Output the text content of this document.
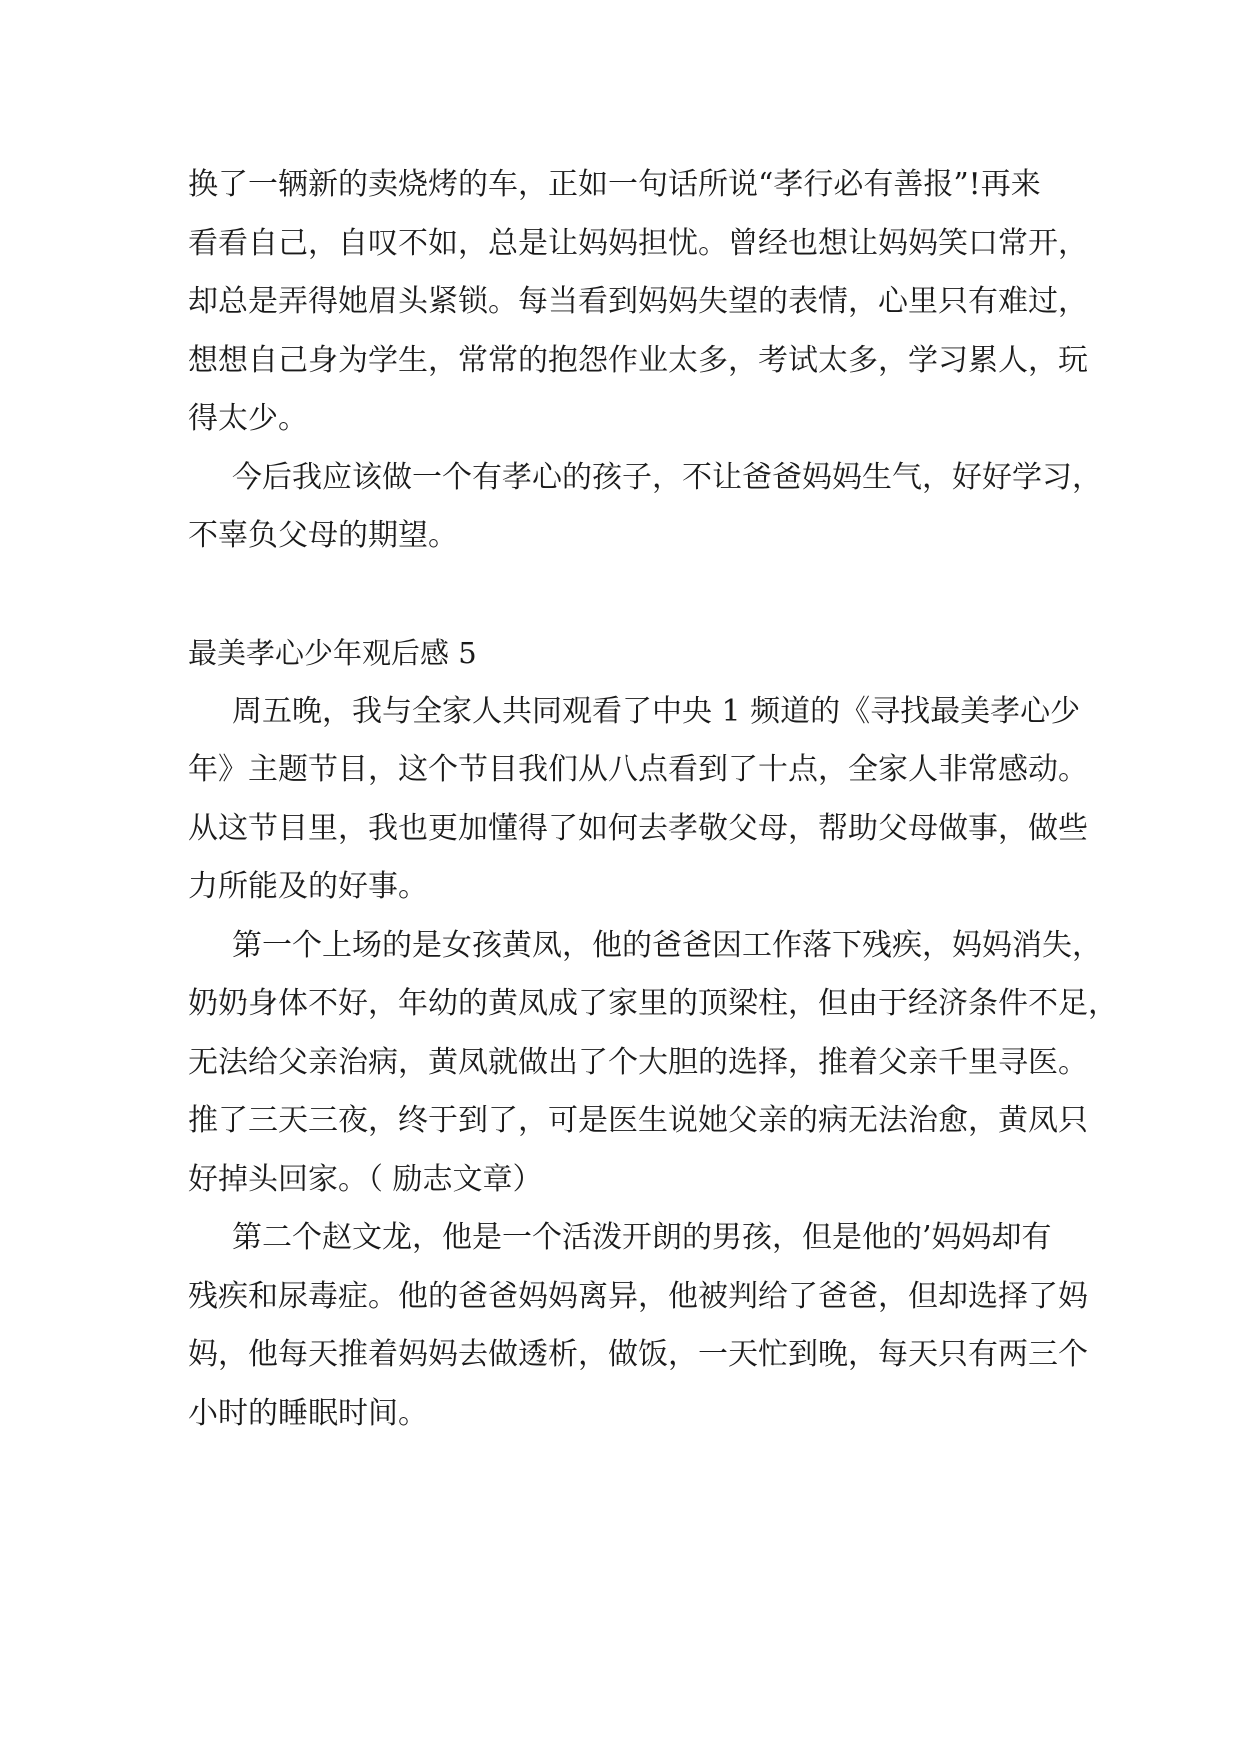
换了一辆新的卖烧烤的车，正如一句话所说“孝行必有善报”!再来
看看自己，自叹不如，总是让妈妈担忧。曾经也想让妈妈笑口常开，
却总是弄得她眉头紧锁。每当看到妈妈失望的表情，心里只有难过，
想想自己身为学生，常常的抱怨作业太多，考试太多，学习累人，玩
得太少。
今后我应该做一个有孝心的孩子，不让爸爸妈妈生气，好好学习，
不辜负父母的期望。
最美孝心少年观后感 5
周五晚，我与全家人共同观看了中央 1 频道的《寻找最美孝心少
年》主题节目，这个节目我们从八点看到了十点，全家人非常感动。
从这节目里，我也更加懂得了如何去孝敬父母，帮助父母做事，做些
力所能及的好事。
第一个上场的是女孩黄凤，他的爸爸因工作落下残疾，妈妈消失，
奶奶身体不好，年幼的黄凤成了家里的顶梁柱，但由于经济条件不足，
无法给父亲治病，黄凤就做出了个大胆的选择，推着父亲千里寻医。
推了三天三夜，终于到了，可是医生说她父亲的病无法治愈，黄凤只
好掉头回家。（ 励志文章）
第二个赵文龙，他是一个活泼开朗的男孩，但是他的’妈妈却有
残疾和尿毒症。他的爸爸妈妈离异，他被判给了爸爸，但却选择了妈
妈，他每天推着妈妈去做透析，做饭，一天忙到晚，每天只有两三个
小时的睡眠时间。
